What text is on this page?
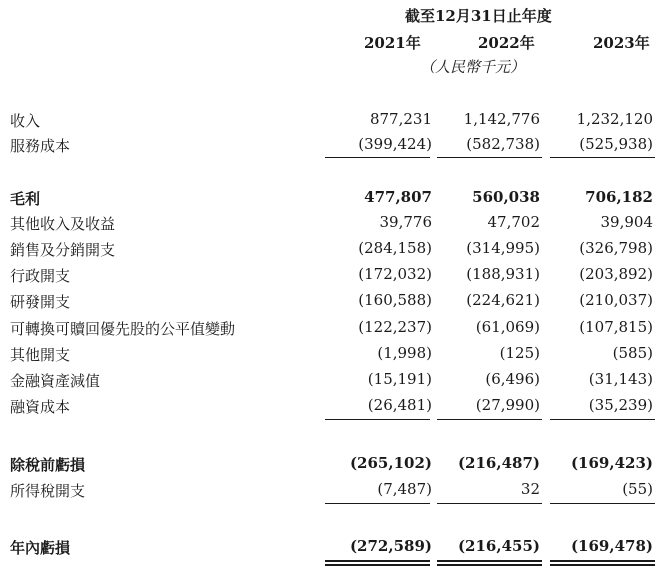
截至12月31日止年度
2021年	2022年	2023年
（人民幣千元）
收入	877,231	1,142,776	1,232,120
服務成本	(399,424)	(582,738)	(525,938)
毛利	477,807	560,038	706,182
其他收入及收益	39,776	47,702	39,904
銷售及分銷開支	(284,158)	(314,995)	(326,798)
行政開支	(172,032)	(188,931)	(203,892)
研發開支	(160,588)	(224,621)	(210,037)
可轉換可贖回優先股的公平值變動	(122,237)	(61,069)	(107,815)
其他開支	(1,998)	(125)	(585)
金融資產減值	(15,191)	(6,496)	(31,143)
融資成本	(26,481)	(27,990)	(35,239)
除稅前虧損	(265,102)	(216,487)	(169,423)
所得稅開支	(7,487)	32	(55)
年內虧損	(272,589)	(216,455)	(169,478)
